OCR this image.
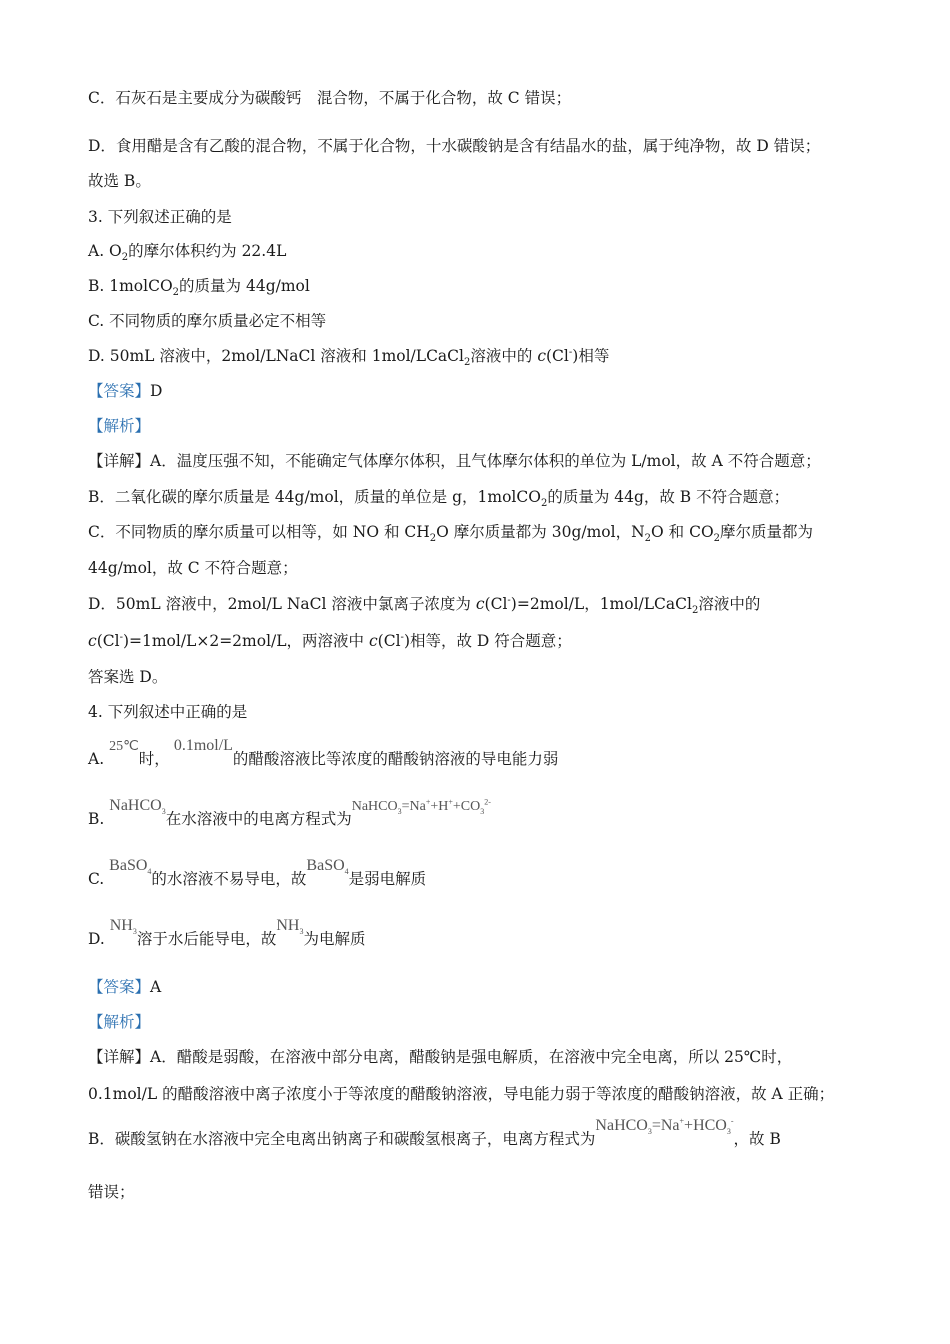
C．石灰石是主要成分为碳酸钙　混合物，不属于化合物，故 C 错误；
D．食用醋是含有乙酸的混合物，不属于化合物，十水碳酸钠是含有结晶水的盐，属于纯净物，故 D 错误；
故选 B。
3. 下列叙述正确的是
A. $O_2$的摩尔体积约为 22.4L
B. 1molCO$_2$的质量为 44g/mol
C. 不同物质的摩尔质量必定不相等
D. 50mL 溶液中，2mol/LNaCl 溶液和 1mol/LCaCl$_2$溶液中的 c(Cl-)相等
【答案】D
【解析】
【详解】A．温度压强不知，不能确定气体摩尔体积，且气体摩尔体积的单位为 L/mol，故 A 不符合题意；
B．二氧化碳的摩尔质量是 44g/mol，质量的单位是 g，1molCO$_2$的质量为 44g，故 B 不符合题意；
C．不同物质的摩尔质量可以相等，如 NO 和 $CH_2O$ 摩尔质量都为 30g/mol，$N_2O$ 和 $CO_2$摩尔质量都为
44g/mol，故 C 不符合题意；
D．50mL 溶液中，2mol/L NaCl 溶液中氯离子浓度为 c(Cl-)=2mol/L，1mol/LCaCl$_2$溶液中的
c(Cl-)=1mol/L×2=2mol/L，两溶液中 c(Cl-)相等，故 D 符合题意；
答案选 D。
4. 下列叙述中正确的是
A. 25℃时，0.1mol/L的醋酸溶液比等浓度的醋酸钠溶液的导电能力弱
B. NaHCO$_3$在水溶液中的电离方程式为$NaHCO_3=Na^++H^++CO_3^{2-}$
C. BaSO$_4$的水溶液不易导电，故BaSO$_4$是弱电解质
D. $NH_3$溶于水后能导电，故$NH_3$为电解质
【答案】A
【解析】
【详解】A．醋酸是弱酸，在溶液中部分电离，醋酸钠是强电解质，在溶液中完全电离，所以 25℃时，
0.1mol/L 的醋酸溶液中离子浓度小于等浓度的醋酸钠溶液，导电能力弱于等浓度的醋酸钠溶液，故 A 正确；
B．碳酸氢钠在水溶液中完全电离出钠离子和碳酸氢根离子，电离方程式为$NaHCO_3=Na^++HCO_3^-$，故 B
错误；
